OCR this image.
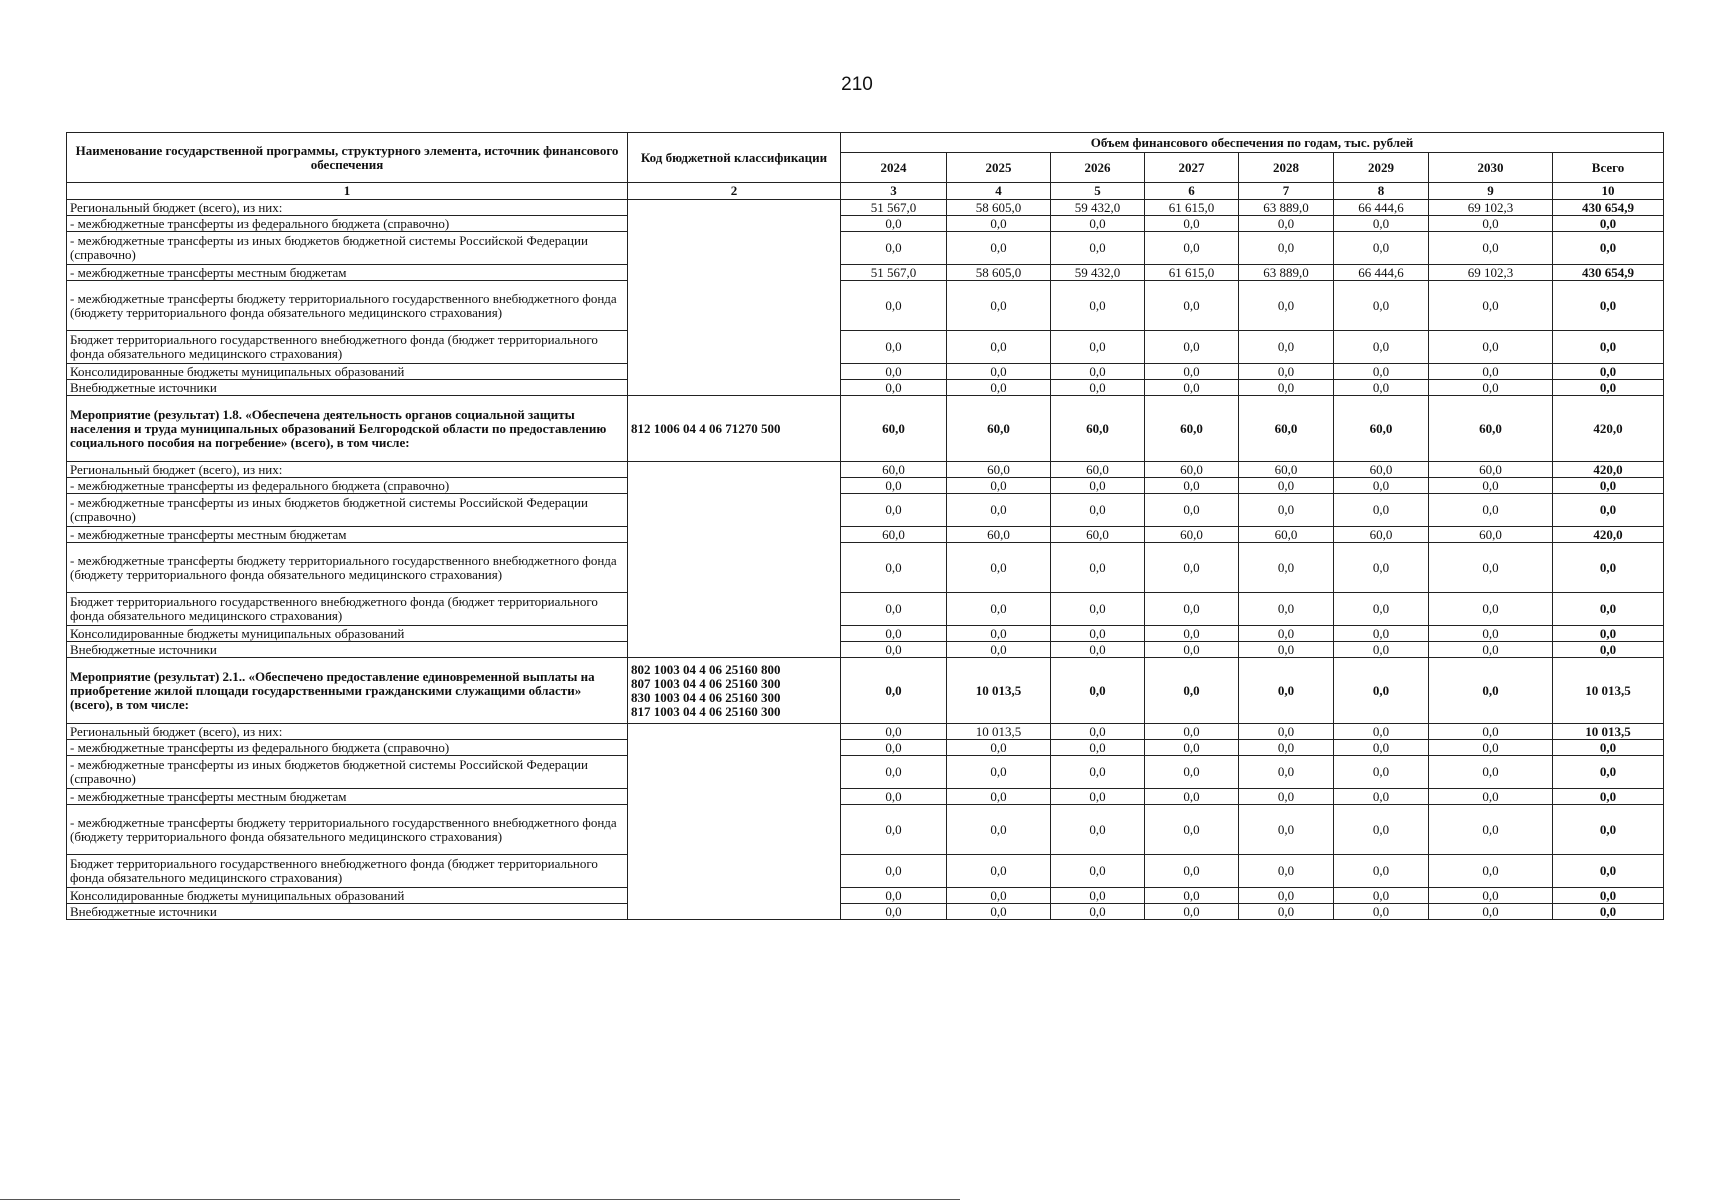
210
Наименование государственной программы, структурного элемента, источник финансового обеспечения	Код бюджетной классификации	Объем финансового обеспечения по годам, тыс. рублей							
		2024	2025	2026	2027	2028	2029	2030	Всего
1	2	3	4	5	6	7	8	9	10
Региональный бюджет (всего), из них:		51 567,0	58 605,0	59 432,0	61 615,0	63 889,0	66 444,6	69 102,3	430 654,9
- межбюджетные трансферты из федерального бюджета (справочно)		0,0	0,0	0,0	0,0	0,0	0,0	0,0	0,0
- межбюджетные трансферты из иных бюджетов бюджетной системы Российской Федерации (справочно)		0,0	0,0	0,0	0,0	0,0	0,0	0,0	0,0
- межбюджетные трансферты местным бюджетам		51 567,0	58 605,0	59 432,0	61 615,0	63 889,0	66 444,6	69 102,3	430 654,9
- межбюджетные трансферты бюджету территориального государственного внебюджетного фонда (бюджету территориального фонда обязательного медицинского страхования)		0,0	0,0	0,0	0,0	0,0	0,0	0,0	0,0
Бюджет территориального государственного внебюджетного фонда (бюджет территориального фонда обязательного медицинского страхования)		0,0	0,0	0,0	0,0	0,0	0,0	0,0	0,0
Консолидированные бюджеты муниципальных образований		0,0	0,0	0,0	0,0	0,0	0,0	0,0	0,0
Внебюджетные источники		0,0	0,0	0,0	0,0	0,0	0,0	0,0	0,0
Мероприятие (результат) 1.8. «Обеспечена деятельность органов социальной защиты населения и труда муниципальных образований Белгородской области по предоставлению социального пособия на погребение» (всего), в том числе:	812 1006 04 4 06 71270 500	60,0	60,0	60,0	60,0	60,0	60,0	60,0	420,0
Региональный бюджет (всего), из них:		60,0	60,0	60,0	60,0	60,0	60,0	60,0	420,0
- межбюджетные трансферты из федерального бюджета (справочно)		0,0	0,0	0,0	0,0	0,0	0,0	0,0	0,0
- межбюджетные трансферты из иных бюджетов бюджетной системы Российской Федерации (справочно)		0,0	0,0	0,0	0,0	0,0	0,0	0,0	0,0
- межбюджетные трансферты местным бюджетам		60,0	60,0	60,0	60,0	60,0	60,0	60,0	420,0
- межбюджетные трансферты бюджету территориального государственного внебюджетного фонда (бюджету территориального фонда обязательного медицинского страхования)		0,0	0,0	0,0	0,0	0,0	0,0	0,0	0,0
Бюджет территориального государственного внебюджетного фонда (бюджет территориального фонда обязательного медицинского страхования)		0,0	0,0	0,0	0,0	0,0	0,0	0,0	0,0
Консолидированные бюджеты муниципальных образований		0,0	0,0	0,0	0,0	0,0	0,0	0,0	0,0
Внебюджетные источники		0,0	0,0	0,0	0,0	0,0	0,0	0,0	0,0
Мероприятие (результат) 2.1.. «Обеспечено предоставление единовременной выплаты на приобретение жилой площади государственными гражданскими служащими области» (всего), в том числе:	802 1003 04 4 06 25160 800
807 1003 04 4 06 25160 300
830 1003 04 4 06 25160 300
817 1003 04 4 06 25160 300	0,0	10 013,5	0,0	0,0	0,0	0,0	0,0	10 013,5
Региональный бюджет (всего), из них:		0,0	10 013,5	0,0	0,0	0,0	0,0	0,0	10 013,5
- межбюджетные трансферты из федерального бюджета (справочно)		0,0	0,0	0,0	0,0	0,0	0,0	0,0	0,0
- межбюджетные трансферты из иных бюджетов бюджетной системы Российской Федерации (справочно)		0,0	0,0	0,0	0,0	0,0	0,0	0,0	0,0
- межбюджетные трансферты местным бюджетам		0,0	0,0	0,0	0,0	0,0	0,0	0,0	0,0
- межбюджетные трансферты бюджету территориального государственного внебюджетного фонда (бюджету территориального фонда обязательного медицинского страхования)		0,0	0,0	0,0	0,0	0,0	0,0	0,0	0,0
Бюджет территориального государственного внебюджетного фонда (бюджет территориального фонда обязательного медицинского страхования)		0,0	0,0	0,0	0,0	0,0	0,0	0,0	0,0
Консолидированные бюджеты муниципальных образований		0,0	0,0	0,0	0,0	0,0	0,0	0,0	0,0
Внебюджетные источники		0,0	0,0	0,0	0,0	0,0	0,0	0,0	0,0
